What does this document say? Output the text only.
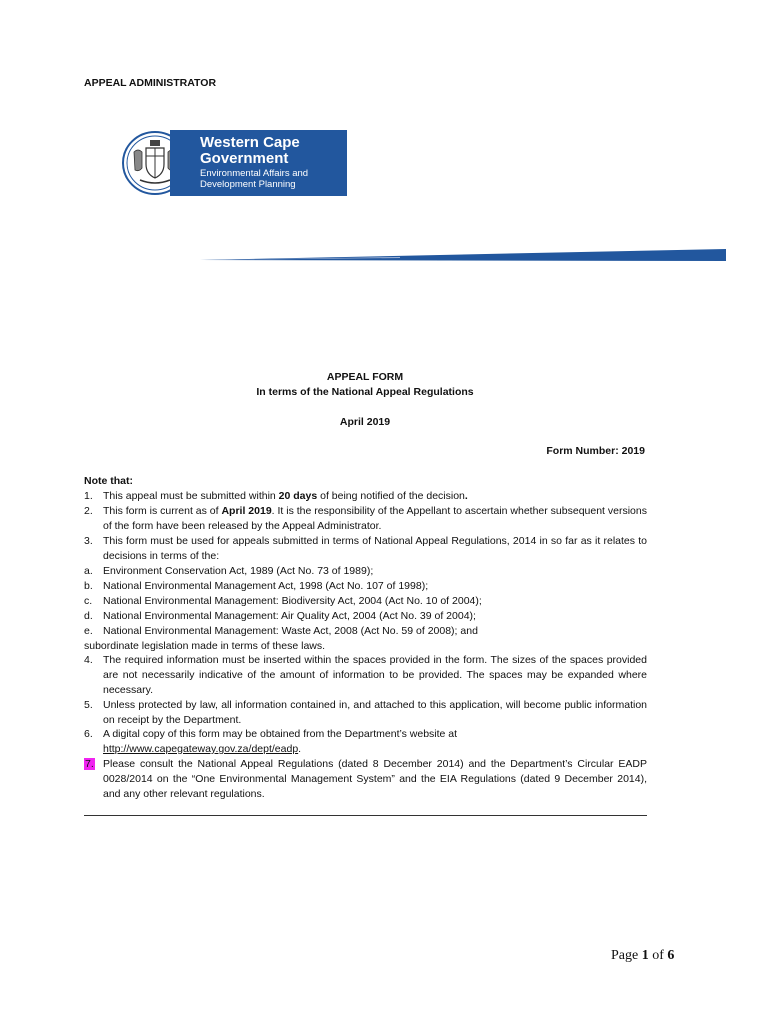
APPEAL ADMINISTRATOR
Western Cape
Government
Environmental Affairs and
Development Planning
APPEAL FORM
In terms of the National Appeal Regulations
April 2019
Form Number: 2019
Note that:
1. This appeal must be submitted within 20 days of being notified of the decision.
2. This form is current as of April 2019. It is the responsibility of the Appellant to ascertain whether subsequent versions of the form have been released by the Appeal Administrator.
3. This form must be used for appeals submitted in terms of National Appeal Regulations, 2014 in so far as it relates to decisions in terms of the:
a. Environment Conservation Act, 1989 (Act No. 73 of 1989);
b. National Environmental Management Act, 1998 (Act No. 107 of 1998);
c.	National Environmental Management: Biodiversity Act, 2004 (Act No. 10 of 2004);
d. National Environmental Management: Air Quality Act, 2004 (Act No. 39 of 2004);
e. National Environmental Management: Waste Act, 2008 (Act No. 59 of 2008); and
subordinate legislation made in terms of these laws.
4. The required information must be inserted within the spaces provided in the form. The sizes of the spaces provided are not necessarily indicative of the amount of information to be provided. The spaces may be expanded where necessary.
5. Unless protected by law, all information contained in, and attached to this application, will become public information on receipt by the Department.
6. A digital copy of this form may be obtained from the Department’s website at
http://www.capegateway.gov.za/dept/eadp.
7. Please consult the National Appeal Regulations (dated 8 December 2014) and the Department’s Circular EADP 0028/2014 on the “One Environmental Management System” and the EIA Regulations (dated 9 December 2014), and any other relevant regulations.
Page 1 of 6
